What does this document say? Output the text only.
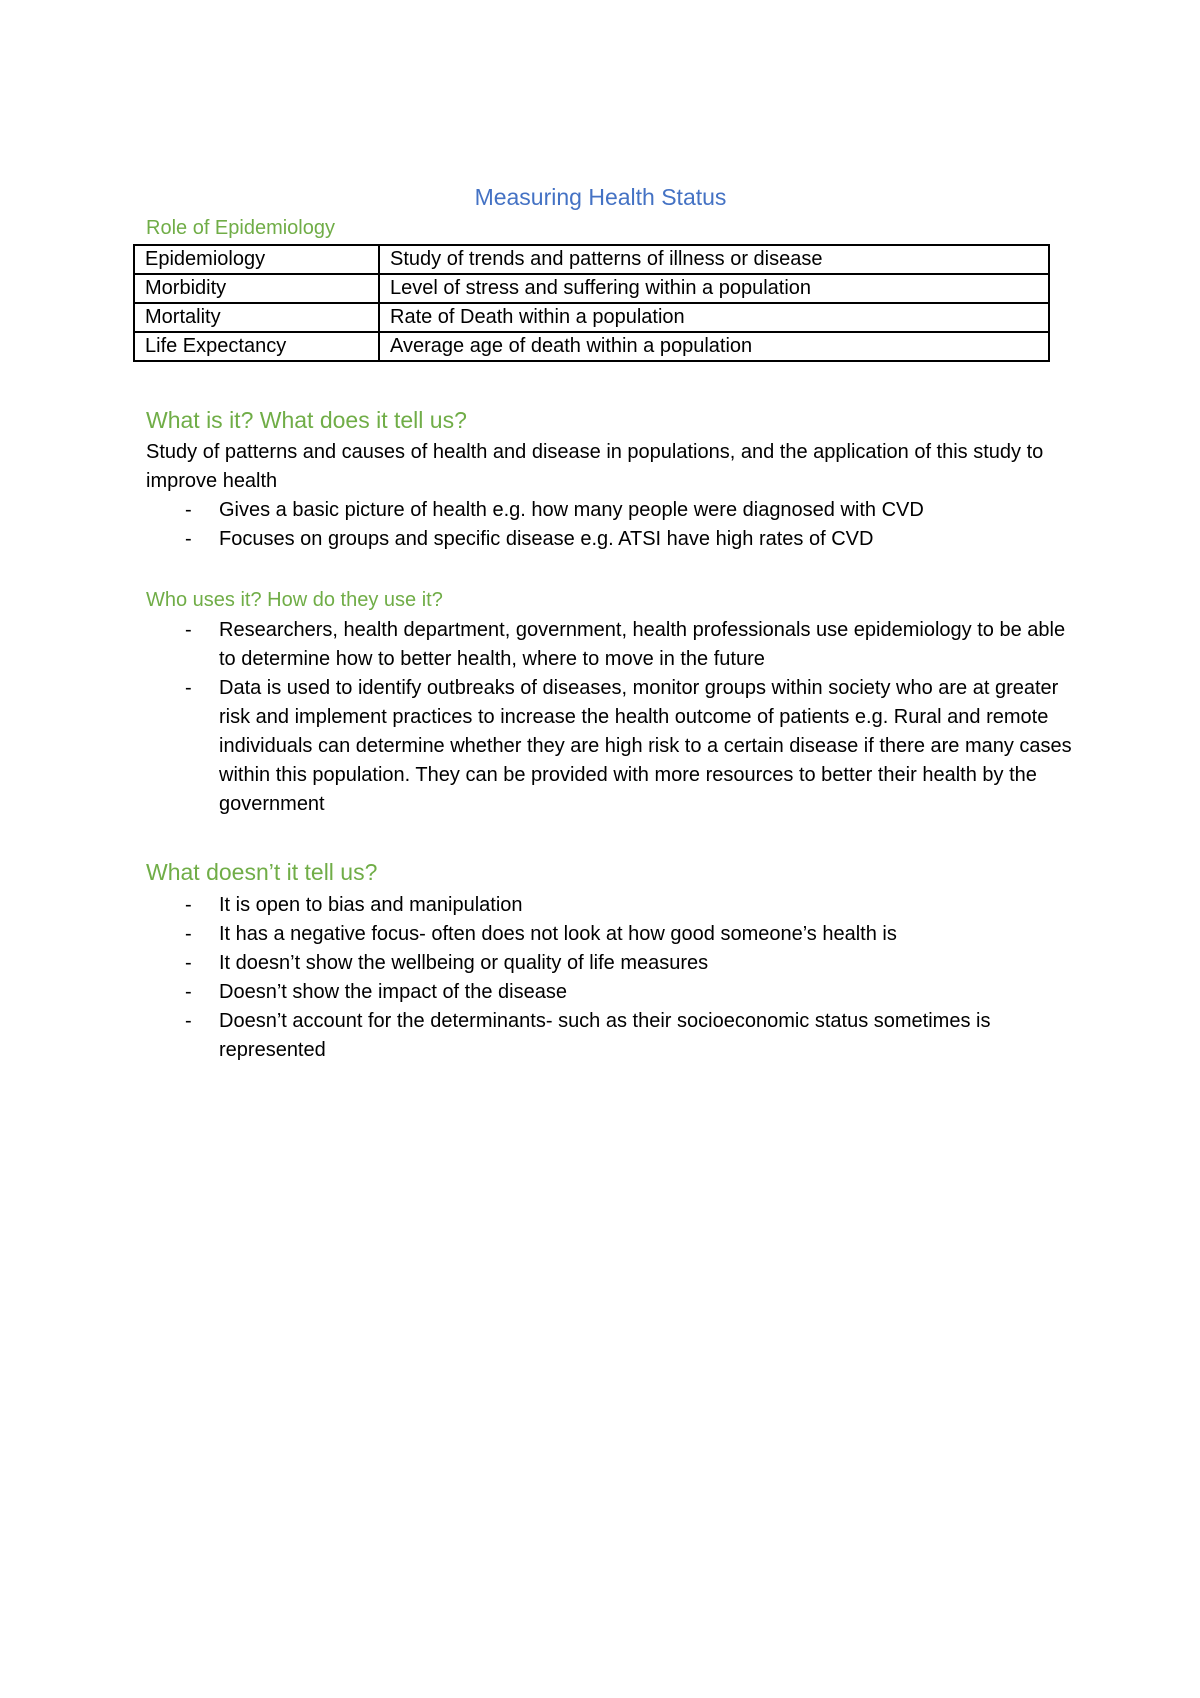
Measuring Health Status
Role of Epidemiology
Epidemiology	Study of trends and patterns of illness or disease
Morbidity	Level of stress and suffering within a population
Mortality	Rate of Death within a population
Life Expectancy	Average age of death within a population
What is it? What does it tell us?

Study of patterns and causes of health and disease in populations, and the application of this study to improve health

- Gives a basic picture of health e.g. how many people were diagnosed with CVD
- Focuses on groups and specific disease e.g. ATSI have high rates of CVD
Who uses it? How do they use it?
- Researchers, health department, government, health professionals use epidemiology to be able to determine how to better health, where to move in the future
- Data is used to identify outbreaks of diseases, monitor groups within society who are at greater risk and implement practices to increase the health outcome of patients e.g. Rural and remote individuals can determine whether they are high risk to a certain disease if there are many cases within this population. They can be provided with more resources to better their health by the government
What doesn’t it tell us?
- It is open to bias and manipulation
- It has a negative focus- often does not look at how good someone’s health is
- It doesn’t show the wellbeing or quality of life measures
- Doesn’t show the impact of the disease
- Doesn’t account for the determinants- such as their socioeconomic status sometimes is represented
